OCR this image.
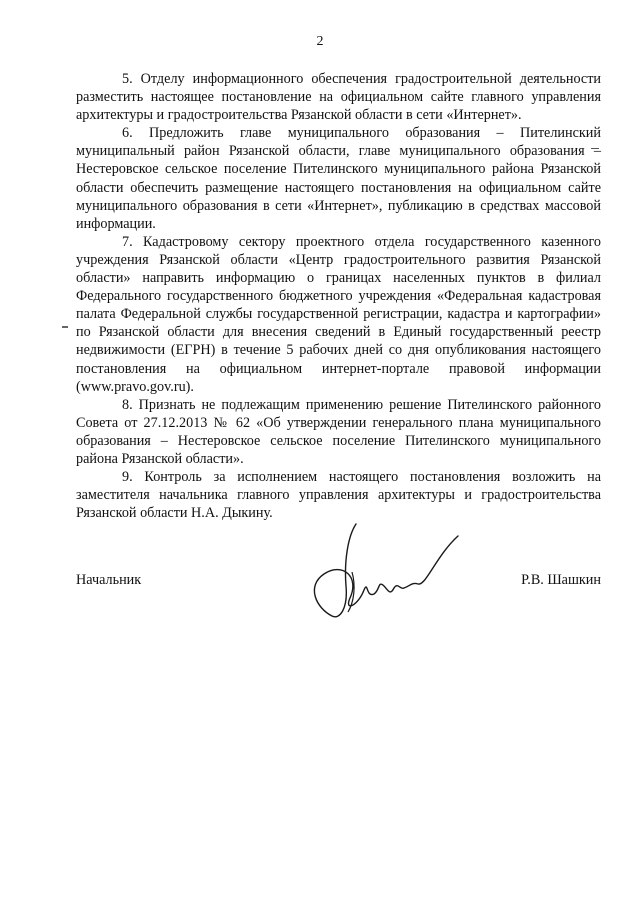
2

5. Отделу информационного обеспечения градостроительной деятельности разместить настоящее постановление на официальном сайте главного управления архитектуры и градостроительства Рязанской области в сети «Интернет».

6. Предложить главе муниципального образования – Пителинский муниципальный район Рязанской области, главе муниципального образования – Нестеровское сельское поселение Пителинского муниципального района Рязанской области обеспечить размещение настоящего постановления на официальном сайте муниципального образования в сети «Интернет», публикацию в средствах массовой информации.

7. Кадастровому сектору проектного отдела государственного казенного учреждения Рязанской области «Центр градостроительного развития Рязанской области» направить информацию о границах населенных пунктов в филиал Федерального государственного бюджетного учреждения «Федеральная кадастровая палата Федеральной службы государственной регистрации, кадастра и картографии» по Рязанской области для внесения сведений в Единый государственный реестр недвижимости (ЕГРН) в течение 5 рабочих дней со дня опубликования настоящего постановления на официальном интернет-портале правовой информации (www.pravo.gov.ru).

8. Признать не подлежащим применению решение Пителинского районного Совета от 27.12.2013 № 62 «Об утверждении генерального плана муниципального образования – Нестеровское сельское поселение Пителинского муниципального района Рязанской области».

9. Контроль за исполнением настоящего постановления возложить на заместителя начальника главного управления архитектуры и градостроительства Рязанской области Н.А. Дыкину.

Начальник	Р.В. Шашкин
